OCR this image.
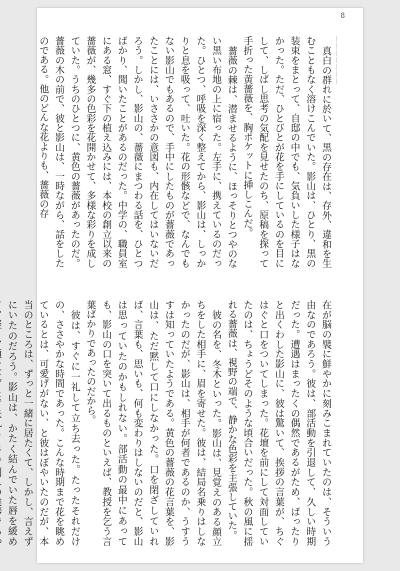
8
…………………

真白の群れに於いて、黒の存在は、存外、違和を生むこともなく溶けこんでいた。影山は、ひとり、黒の装束をまとって、自邸の中でも、気負いした様子はなかった。ただ、ひとびとが花を手にしているのを目にして、しばし思考の気配を見せたのち、原稿を探って手折った黄薔薇を、胸ポケットに挿しこんだ。

薔薇の棘は、潜ませるように、ほっそりとつやのない黒い布地の上に宿った。左手に、携えているのだった。ひとつ、呼吸を深く整えてから、影山は、しっかりと息を吸って、吐いた。花の形骸などで、なんでもない影山でもあるので、手中にしたものが薔薇であったことには、いささかの意図も、内在してはいないだろう。しかし、影山の、薔薇にまつわる話を、ひとつばかり、聞いたことがあるのだった。中学の、職員室にある窓、すぐ下の植え込みには、本校の創立以来の薔薇が、幾多の色彩を花開かせて、多様な彩りを成していた。うちのひとつに、黄色の薔薇があったのだ。薔薇の木の前で、彼と影山は、一時ながら、話をしたのである。他のどんな花よりも、薔薇の存

在が脳の襞に鮮やかに刻みこまれていたのは、そういう由なのであろう。彼は、部活動を引退して、久しい時期だった。遭遇はまったくの偶然であるがため、ばったりと出くわした影山に、彼は驚いて、挨拶の言葉が、ちぐはぐと口をついてしまった。花壇を前にして対面していたのは、ちょうどそのような頃合いだった。秋の風に揺れる薔薇は、視野の端で、静かな色彩を主張していた。

彼の名を、冬木といった。影山は、見覚えのある顔立ちをした相手に、眉を寄せた。彼は、結局名乗りはしなかったのだが、影山は、相手が何者であるのか、うすうすは知っていたようである。黄色の薔薇の花言葉を、影山は、ただ黙して口にしなかった。口を閉ざしていれば、言葉も、思いも、何も変わりはしないのだと、影山は思っていたのかもしれない。部活動の最中にあっても、影山の口を突いて出るものといえば、教授を乞う言葉ばかりであったのだから。

彼は、すぐに一礼して立ち去った。たったそれだけの、ささやかな時間であった。こんな時期まで花を眺めているとは、可愛げがない、と彼はぼやいたのだが、本当のところは、ずっと一緒に居たくて、しかし、言えずにいたのだろう。影山は、かたく結んでいた唇を緩め
